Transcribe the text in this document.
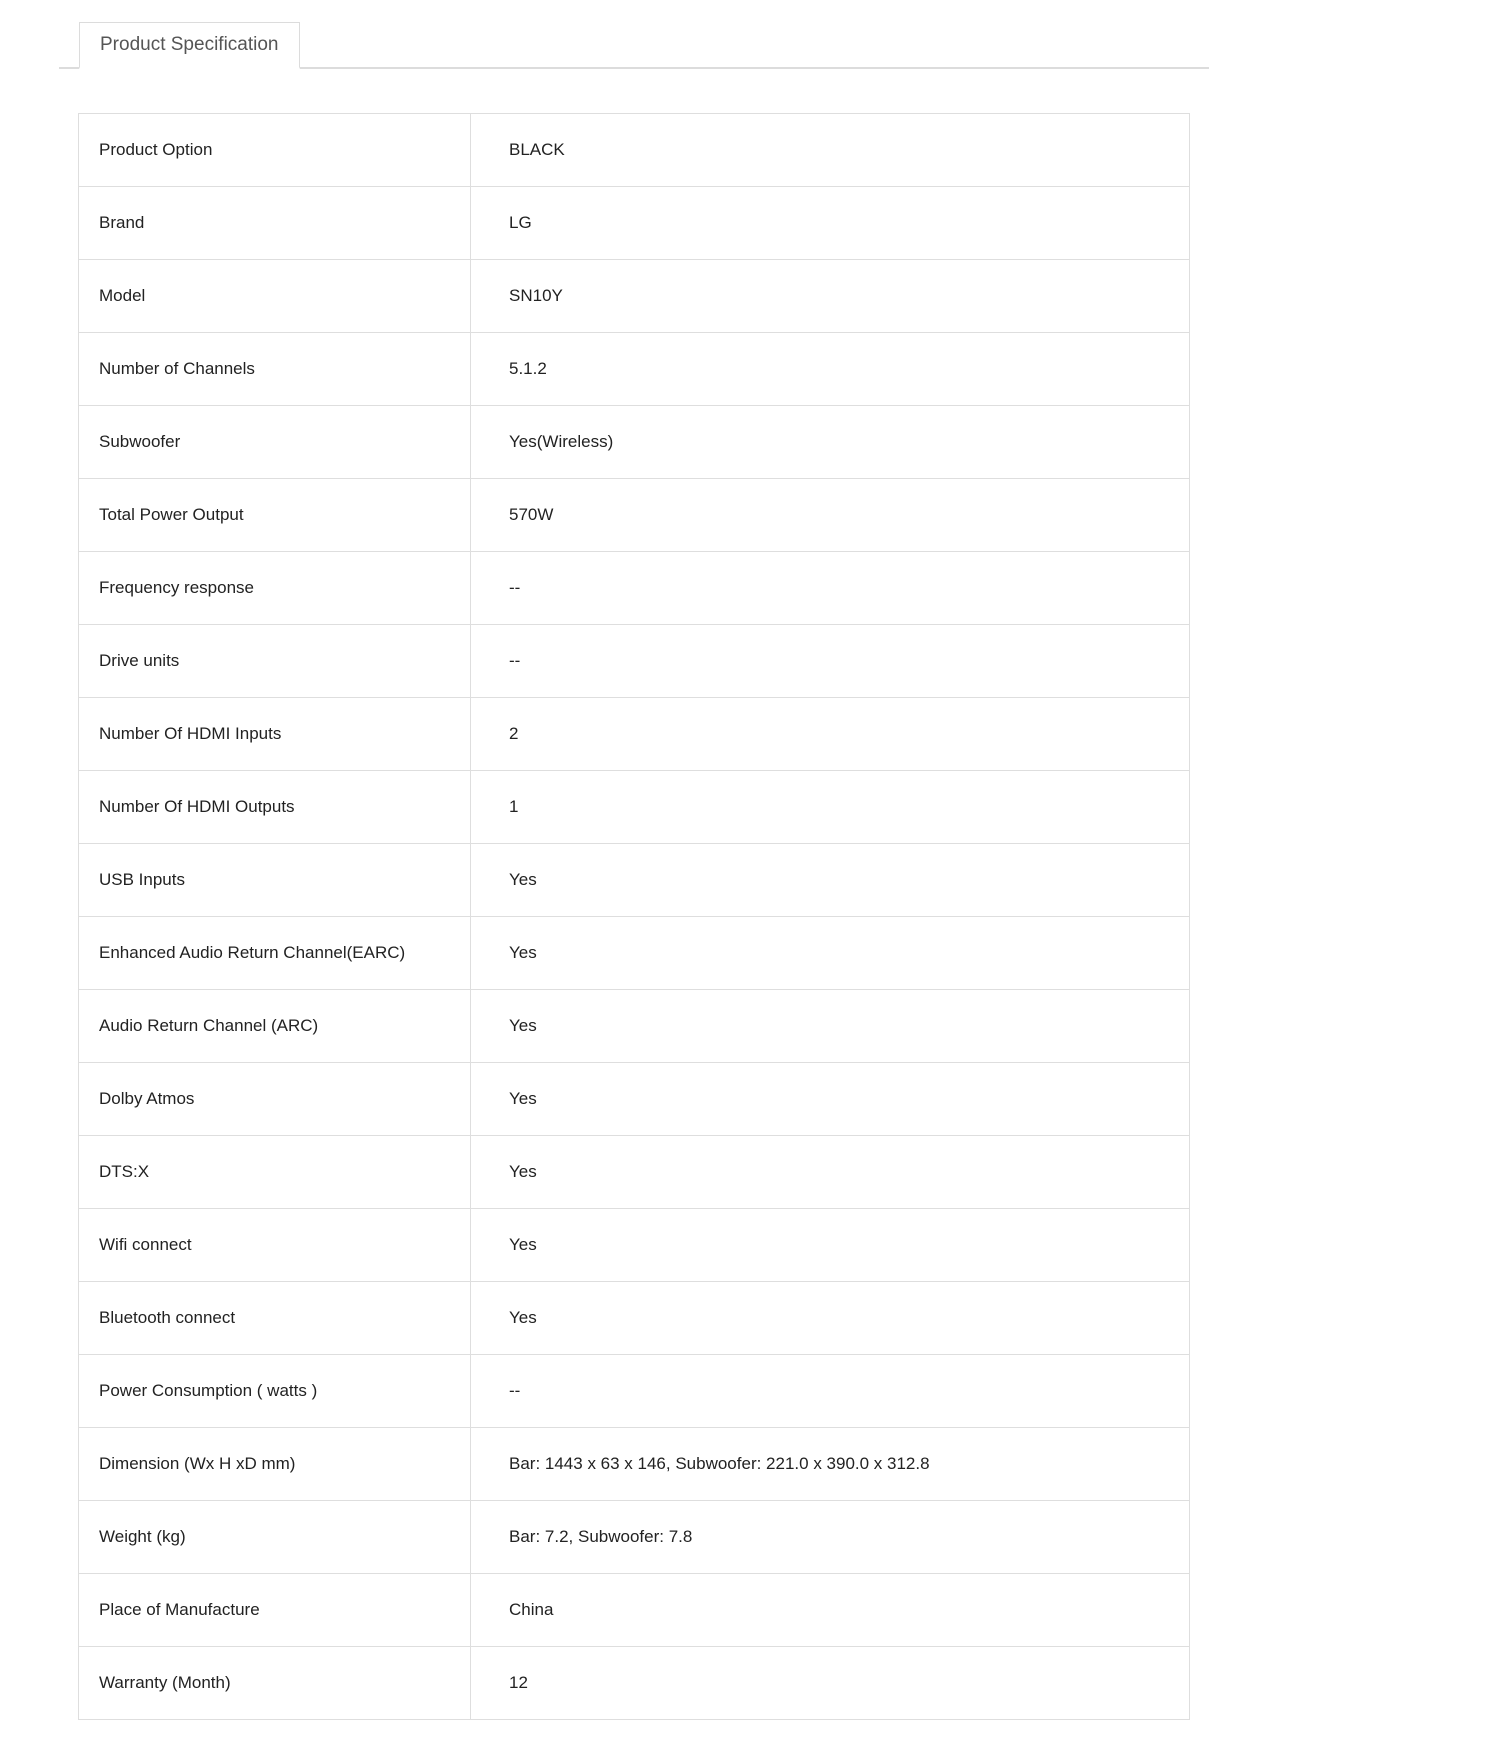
Product Specification
Product Option	BLACK
Brand	LG
Model	SN10Y
Number of Channels	5.1.2
Subwoofer	Yes(Wireless)
Total Power Output	570W
Frequency response	--
Drive units	--
Number Of HDMI Inputs	2
Number Of HDMI Outputs	1
USB Inputs	Yes
Enhanced Audio Return Channel(EARC)	Yes
Audio Return Channel (ARC)	Yes
Dolby Atmos	Yes
DTS:X	Yes
Wifi connect	Yes
Bluetooth connect	Yes
Power Consumption ( watts )	--
Dimension (Wx H xD mm)	Bar: 1443 x 63 x 146, Subwoofer: 221.0 x 390.0 x 312.8
Weight (kg)	Bar: 7.2, Subwoofer: 7.8
Place of Manufacture	China
Warranty (Month)	12
